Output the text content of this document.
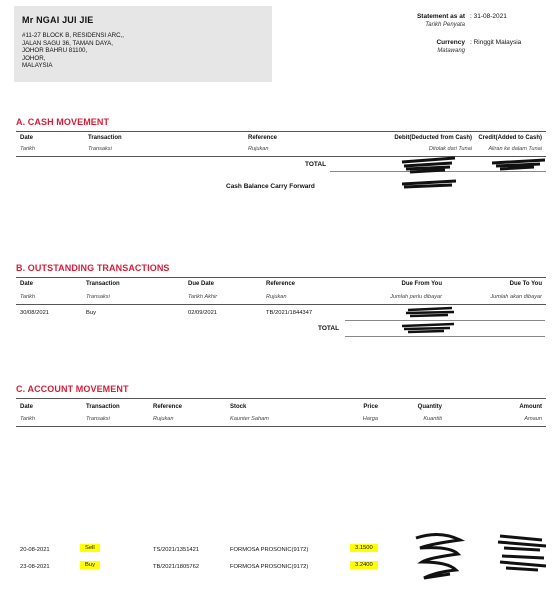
Mr NGAI JUI JIE
#11-27 BLOCK B, RESIDENSI ARC,,
JALAN SAGU 36, TAMAN DAYA,
JOHOR BAHRU 81100,
JOHOR,
MALAYSIA
Statement as at
Tarikh Penyata
: 31-08-2021
Currency
Matawang
: Ringgit Malaysia
A. CASH MOVEMENT
Date	Transaction	Reference	Debit(Deducted from Cash)	Credit(Added to Cash)
Tarikh	Transaksi	Rujukan	Ditolak dari Tunai	Aliran ke dalam Tunai
TOTAL
Cash Balance Carry Forward
B. OUTSTANDING TRANSACTIONS
Date	Transaction	Due Date	Reference	Due From You	Due To You
Tarikh	Transaksi	Tarikh Akhir	Rujukan	Jumlah perlu dibayar	Jumlah akan dibayar
30/08/2021	Buy	02/09/2021	TB/2021/1844347
TOTAL
C. ACCOUNT MOVEMENT
Date	Transaction	Reference	Stock	Price	Quantity	Amount
Tarikh	Transaksi	Rujukan	Kaunter Saham	Harga	Kuantiti	Amaun
20-08-2021	Sell	TS/2021/1351421	FORMOSA PROSONIC(9172)	3.1500
23-08-2021	Buy	TB/2021/1805762	FORMOSA PROSONIC(9172)	3.2400
